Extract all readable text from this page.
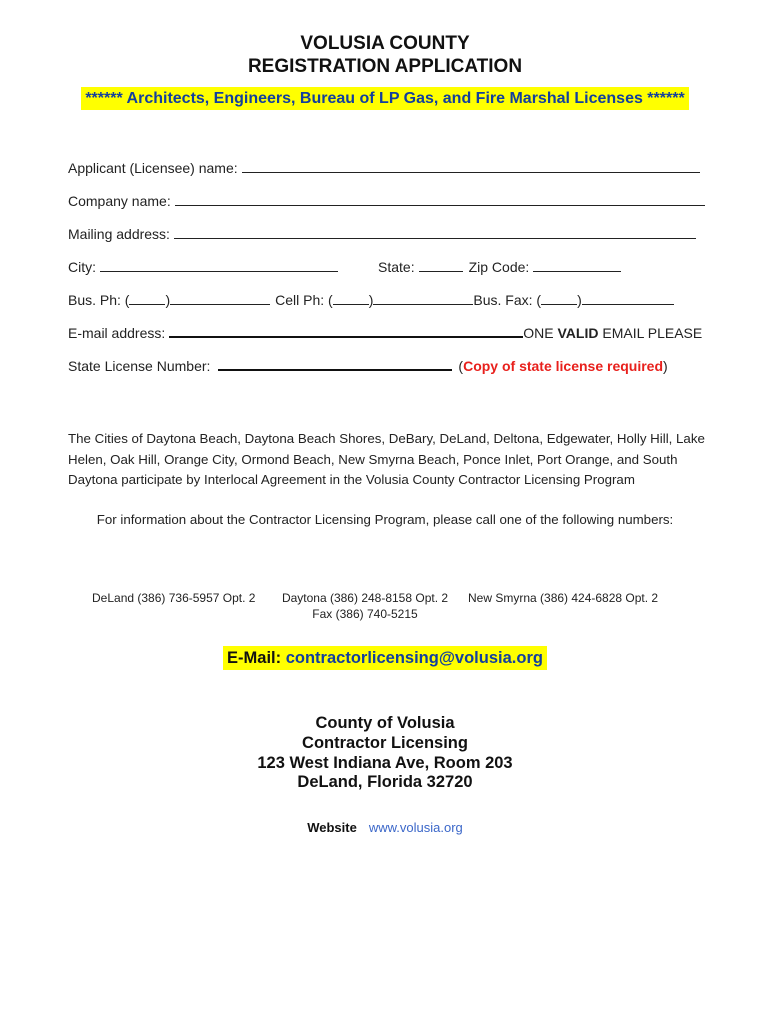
VOLUSIA COUNTY
REGISTRATION APPLICATION
****** Architects, Engineers, Bureau of LP Gas, and Fire Marshal Licenses ******
Applicant (Licensee) name:
Company name:
Mailing address:
City:	State:	Zip Code:
Bus. Ph: (	)	Cell Ph: (	)	Bus. Fax: (	)
E-mail address:	ONE VALID EMAIL PLEASE
State License Number:	(Copy of state license required)
The Cities of Daytona Beach, Daytona Beach Shores, DeBary, DeLand, Deltona, Edgewater, Holly Hill, Lake Helen, Oak Hill, Orange City, Ormond Beach, New Smyrna Beach, Ponce Inlet, Port Orange, and South Daytona participate by Interlocal Agreement in the Volusia County Contractor Licensing Program
For information about the Contractor Licensing Program, please call one of the following numbers:
DeLand (386) 736-5957 Opt. 2	Daytona (386) 248-8158 Opt. 2
Fax (386) 740-5215
New Smyrna (386) 424-6828 Opt. 2
E-Mail: contractorlicensing@volusia.org
County of Volusia
Contractor Licensing
123 West Indiana Ave, Room 203
DeLand, Florida 32720
Website www.volusia.org
